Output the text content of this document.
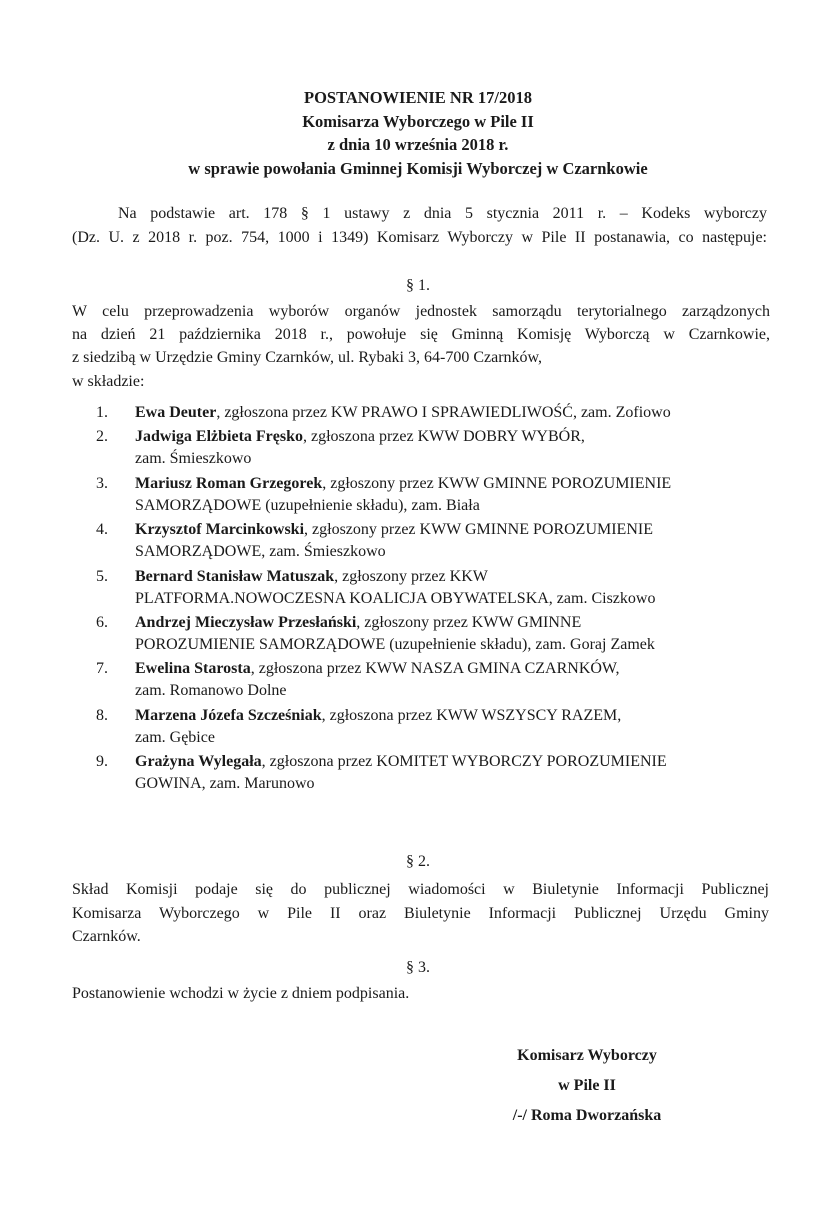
POSTANOWIENIE NR 17/2018
Komisarza Wyborczego w Pile II
z dnia 10 września 2018 r.
w sprawie powołania Gminnej Komisji Wyborczej w Czarnkowie
Na podstawie art. 178 § 1 ustawy z dnia 5 stycznia 2011 r. – Kodeks wyborczy
(Dz. U. z 2018 r. poz. 754, 1000 i 1349) Komisarz Wyborczy w Pile II postanawia, co następuje:
§ 1.
W celu przeprowadzenia wyborów organów jednostek samorządu terytorialnego zarządzonych
na dzień 21 października 2018 r., powołuje się Gminną Komisję Wyborczą w Czarnkowie,
z siedzibą w Urzędzie Gminy Czarnków, ul. Rybaki 3, 64-700 Czarnków,
w składzie:
1.	Ewa Deuter, zgłoszona przez KW PRAWO I SPRAWIEDLIWOŚĆ, zam. Zofiowo
2.	Jadwiga Elżbieta Fręsko, zgłoszona przez KWW DOBRY WYBÓR,
zam. Śmieszkowo
3.	Mariusz Roman Grzegorek, zgłoszony przez KWW GMINNE POROZUMIENIE
SAMORZĄDOWE (uzupełnienie składu), zam. Biała
4.	Krzysztof Marcinkowski, zgłoszony przez KWW GMINNE POROZUMIENIE
SAMORZĄDOWE, zam. Śmieszkowo
5.	Bernard Stanisław Matuszak, zgłoszony przez KKW
PLATFORMA.NOWOCZESNA KOALICJA OBYWATELSKA, zam. Ciszkowo
6.	Andrzej Mieczysław Przesłański, zgłoszony przez KWW GMINNE
POROZUMIENIE SAMORZĄDOWE (uzupełnienie składu), zam. Goraj Zamek
7.	Ewelina Starosta, zgłoszona przez KWW NASZA GMINA CZARNKÓW,
zam. Romanowo Dolne
8.	Marzena Józefa Szcześniak, zgłoszona przez KWW WSZYSCY RAZEM,
zam. Gębice
9.	Grażyna Wylegała, zgłoszona przez KOMITET WYBORCZY POROZUMIENIE
GOWINA, zam. Marunowo
§ 2.
Skład Komisji podaje się do publicznej wiadomości w Biuletynie Informacji Publicznej
Komisarza Wyborczego w Pile II oraz Biuletynie Informacji Publicznej Urzędu Gminy
Czarnków.
§ 3.
Postanowienie wchodzi w życie z dniem podpisania.
Komisarz Wyborczy
w Pile II
/-/ Roma Dworzańska
